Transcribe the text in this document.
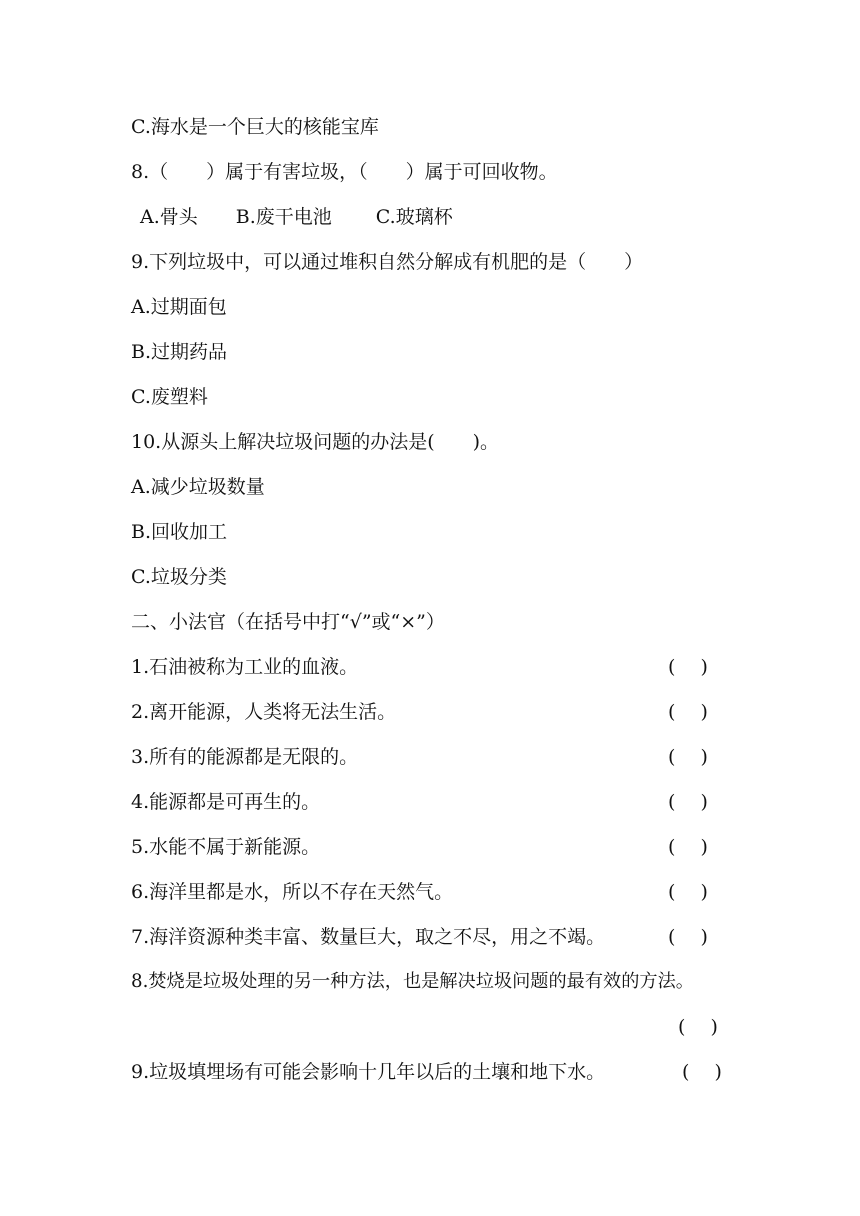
C.海水是一个巨大的核能宝库
8.（　　）属于有害垃圾，（　　）属于可回收物。
A.骨头　　B.废干电池　　 C.玻璃杯
9.下列垃圾中，可以通过堆积自然分解成有机肥的是（　　）
A.过期面包
B.过期药品
C.废塑料
10.从源头上解决垃圾问题的办法是(　　)。
A.减少垃圾数量
B.回收加工
C.垃圾分类
二、小法官（在括号中打“√”或“×”）
1.石油被称为工业的血液。	(　 )
2.离开能源，人类将无法生活。	(　 )
3.所有的能源都是无限的。	(　 )
4.能源都是可再生的。	(　 )
5.水能不属于新能源。	(　 )
6.海洋里都是水，所以不存在天然气。	(　 )
7.海洋资源种类丰富、数量巨大，取之不尽，用之不竭。	(　 )
8.焚烧是垃圾处理的另一种方法，也是解决垃圾问题的最有效的方法。
(　 )
9.垃圾填埋场有可能会影响十几年以后的土壤和地下水。	(　 )
